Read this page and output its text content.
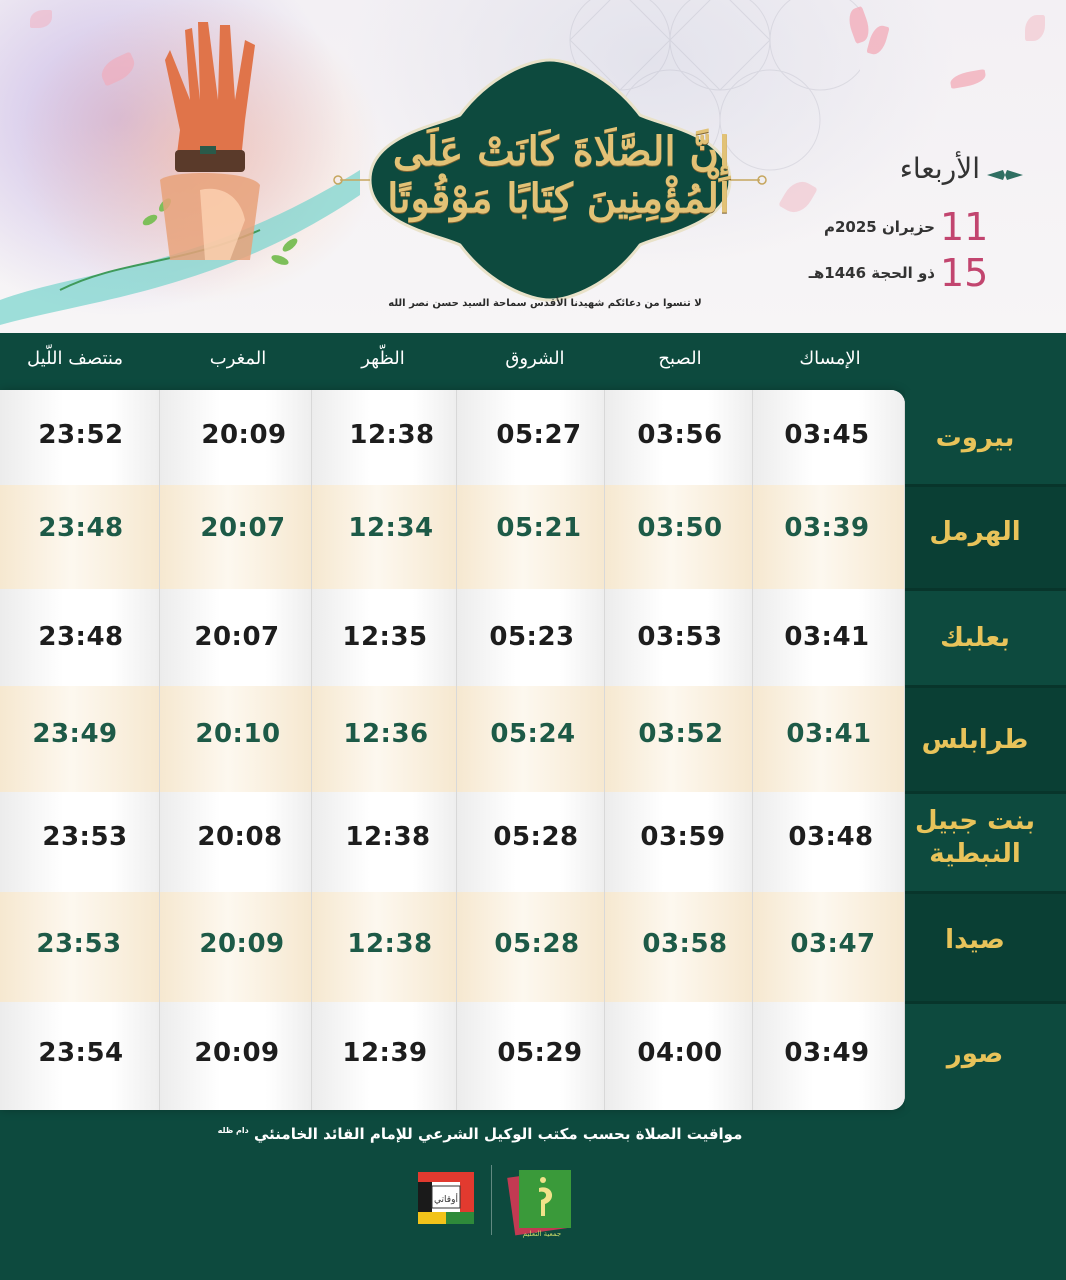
إِنَّ الصَّلَاةَ كَانَتْ عَلَى الْمُؤْمِنِينَ كِتَابًا مَوْقُوتًا
لا تنسوا من دعائكم شهيدنا الأقدس سماحة السيد حسن نصر الله
الأربعاء
11
حزيران 2025م
15
ذو الحجة 1446هـ
الإمساك
الصبح
الشروق
الظّهر
المغرب
منتصف اللّيل
03:45
03:56
05:27
12:38
20:09
23:52
03:39
03:50
05:21
12:34
20:07
23:48
03:41
03:53
05:23
12:35
20:07
23:48
03:41
03:52
05:24
12:36
20:10
23:49
03:48
03:59
05:28
12:38
20:08
23:53
03:47
03:58
05:28
12:38
20:09
23:53
03:49
04:00
05:29
12:39
20:09
23:54
بيروت
الهرمل
بعلبك
طرابلس
بنت جبيل النبطية
صيدا
صور
مواقيت الصلاة بحسب مكتب الوكيل الشرعي للإمام القائد الخامنئي $^{دام ظله}$
أوقاتي
جمعية التعليم
